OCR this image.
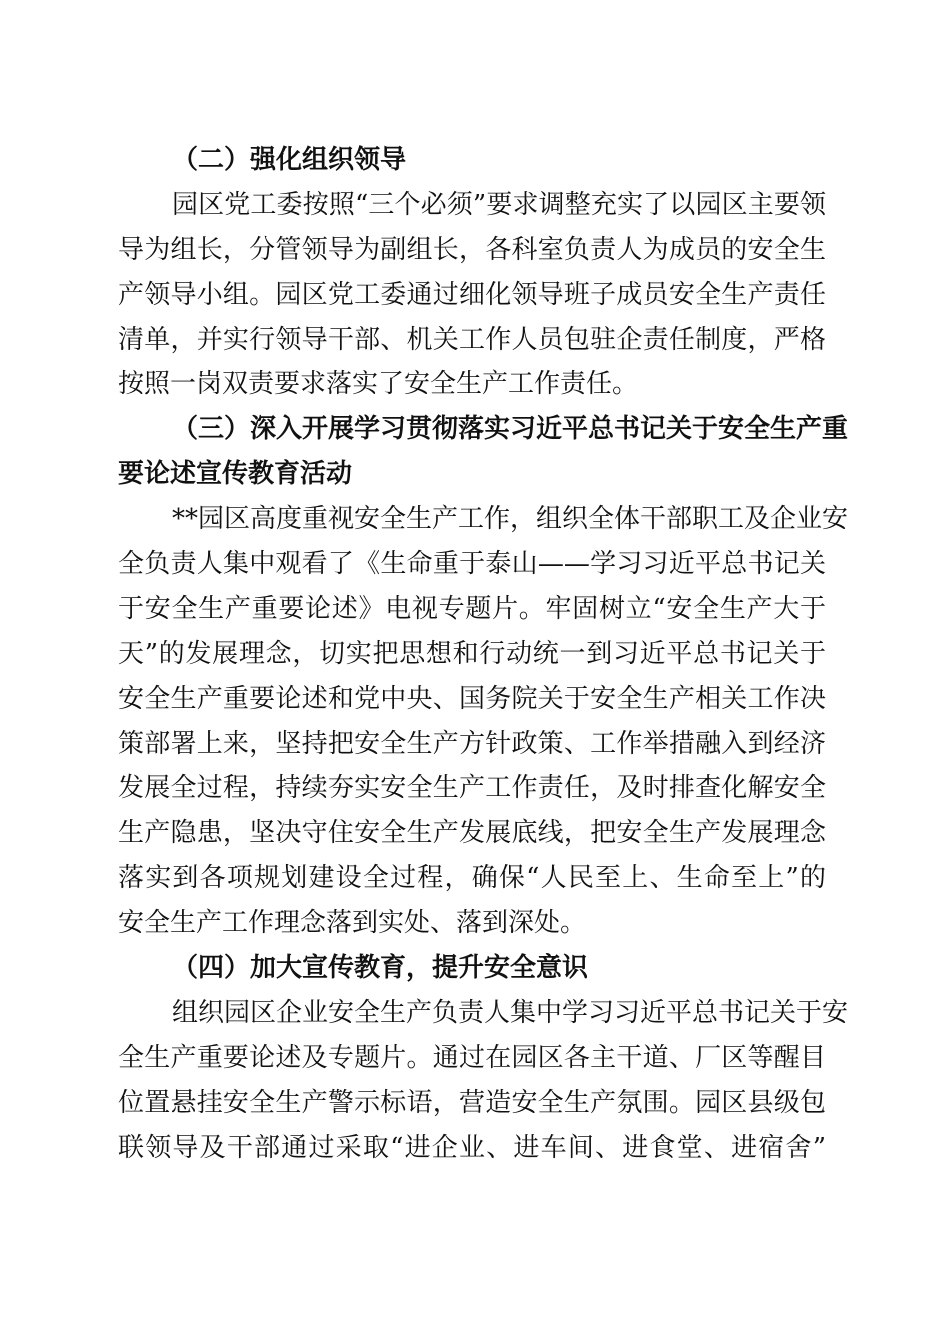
（二）强化组织领导
园区党工委按照“三个必须”要求调整充实了以园区主要领
导为组长，分管领导为副组长，各科室负责人为成员的安全生
产领导小组。园区党工委通过细化领导班子成员安全生产责任
清单，并实行领导干部、机关工作人员包驻企责任制度，严格
按照一岗双责要求落实了安全生产工作责任。
（三）深入开展学习贯彻落实习近平总书记关于安全生产重
要论述宣传教育活动
**园区高度重视安全生产工作，组织全体干部职工及企业安
全负责人集中观看了《生命重于泰山——学习习近平总书记关
于安全生产重要论述》电视专题片。牢固树立“安全生产大于
天”的发展理念，切实把思想和行动统一到习近平总书记关于
安全生产重要论述和党中央、国务院关于安全生产相关工作决
策部署上来，坚持把安全生产方针政策、工作举措融入到经济
发展全过程，持续夯实安全生产工作责任，及时排查化解安全
生产隐患，坚决守住安全生产发展底线，把安全生产发展理念
落实到各项规划建设全过程，确保“人民至上、生命至上”的
安全生产工作理念落到实处、落到深处。
（四）加大宣传教育，提升安全意识
组织园区企业安全生产负责人集中学习习近平总书记关于安
全生产重要论述及专题片。通过在园区各主干道、厂区等醒目
位置悬挂安全生产警示标语，营造安全生产氛围。园区县级包
联领导及干部通过采取“进企业、进车间、进食堂、进宿舍”
